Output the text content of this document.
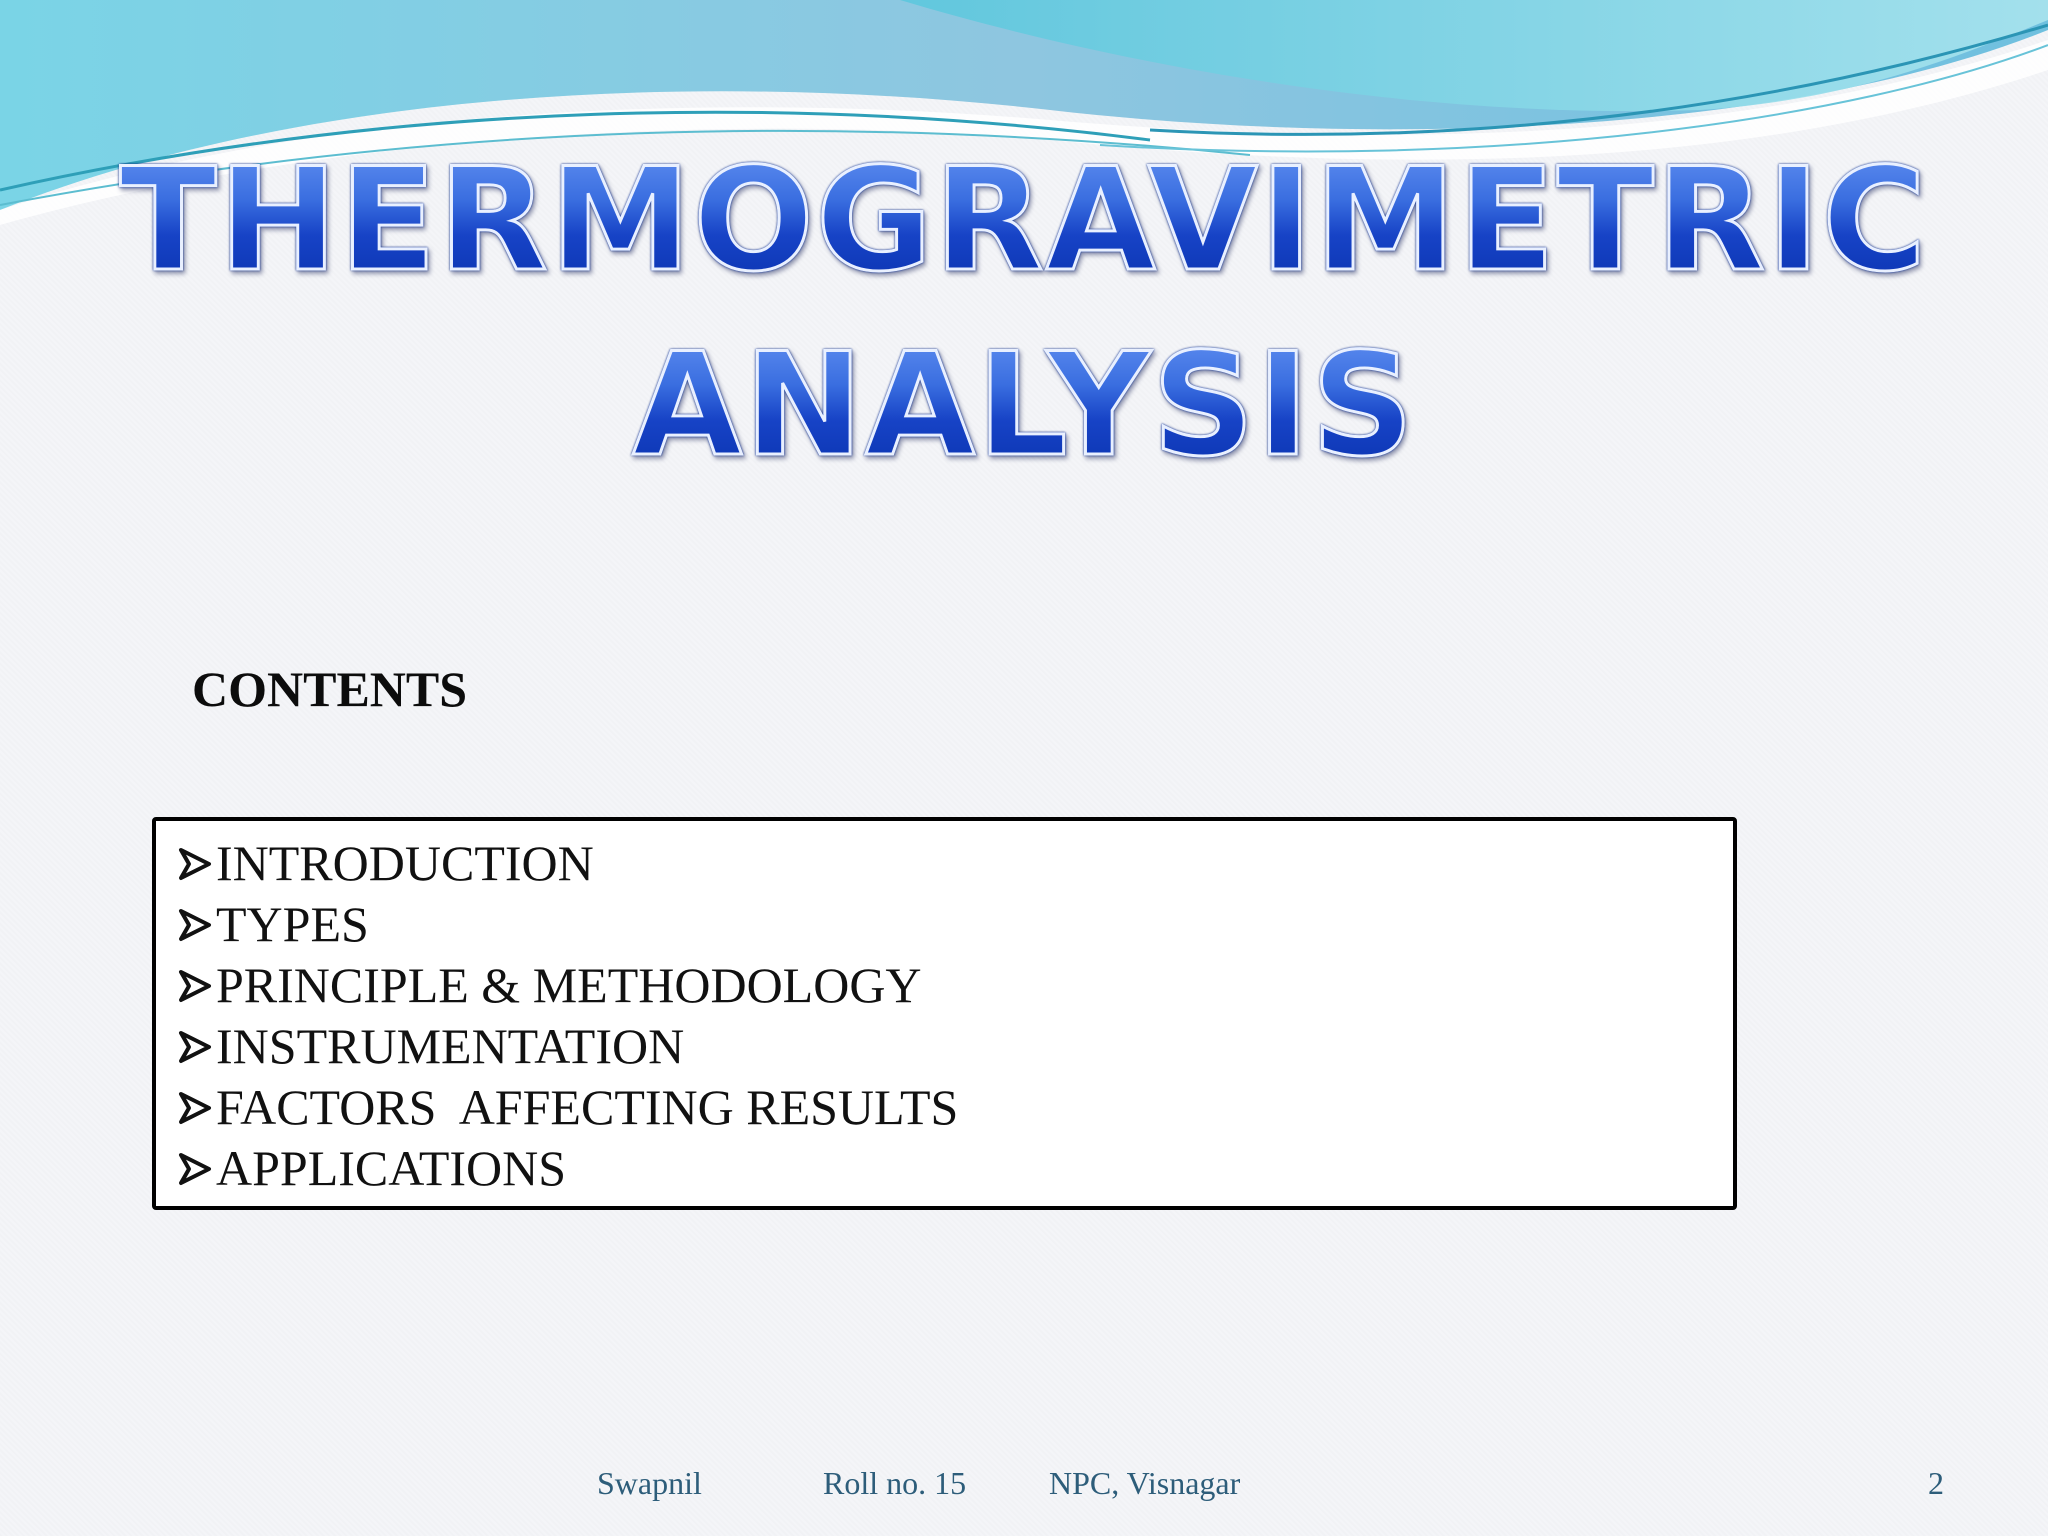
THERMOGRAVIMETRIC
ANALYSIS
CONTENTS
INTRODUCTION
TYPES
PRINCIPLE & METHODOLOGY
INSTRUMENTATION
FACTORS  AFFECTING RESULTS
APPLICATIONS
Swapnil	Roll no. 15	NPC, Visnagar	2
